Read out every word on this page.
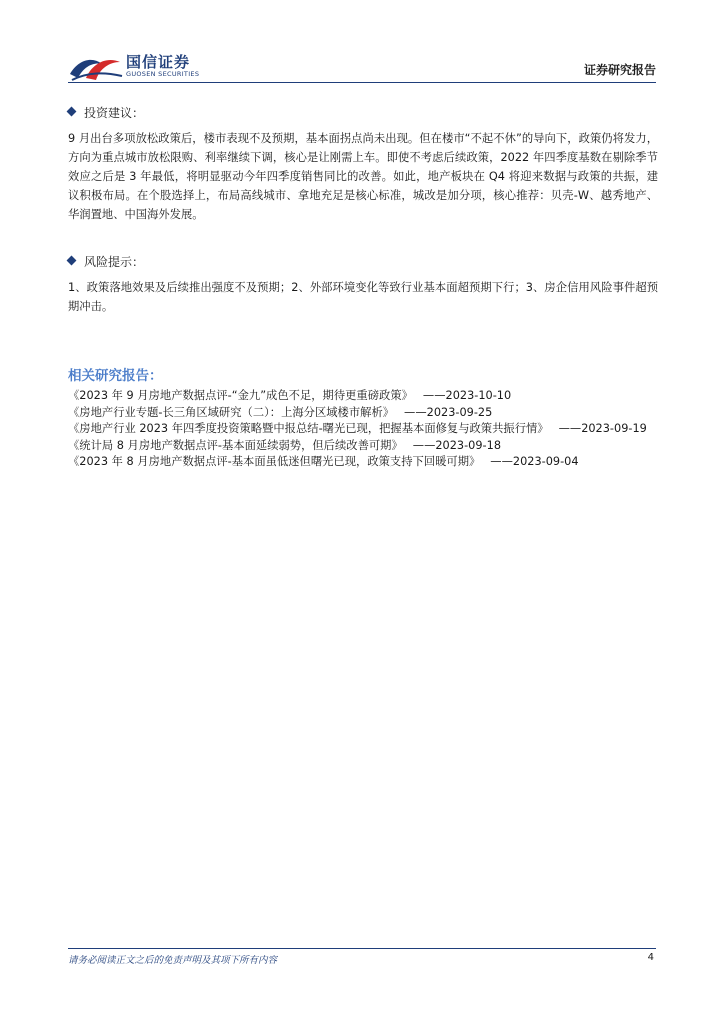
国信证券
GUOSEN SECURITIES	证券研究报告
投资建议：
9 月出台多项放松政策后，楼市表现不及预期，基本面拐点尚未出现。但在楼市“不起不休”的导向下，政策仍将发力，方向为重点城市放松限购、利率继续下调，核心是让刚需上车。即使不考虑后续政策，2022 年四季度基数在剔除季节效应之后是 3 年最低，将明显驱动今年四季度销售同比的改善。如此，地产板块在 Q4 将迎来数据与政策的共振，建议积极布局。在个股选择上，布局高线城市、拿地充足是核心标准，城改是加分项，核心推荐：贝壳-W、越秀地产、华润置地、中国海外发展。
风险提示：
1、政策落地效果及后续推出强度不及预期；2、外部环境变化等致行业基本面超预期下行；3、房企信用风险事件超预期冲击。
相关研究报告：
《2023 年 9 月房地产数据点评-“金九”成色不足，期待更重磅政策》 ——2023-10-10
《房地产行业专题-长三角区域研究（二）：上海分区域楼市解析》 ——2023-09-25
《房地产行业 2023 年四季度投资策略暨中报总结-曙光已现，把握基本面修复与政策共振行情》 ——2023-09-19
《统计局 8 月房地产数据点评-基本面延续弱势，但后续改善可期》 ——2023-09-18
《2023 年 8 月房地产数据点评-基本面虽低迷但曙光已现，政策支持下回暖可期》 ——2023-09-04
请务必阅读正文之后的免责声明及其项下所有内容	4
